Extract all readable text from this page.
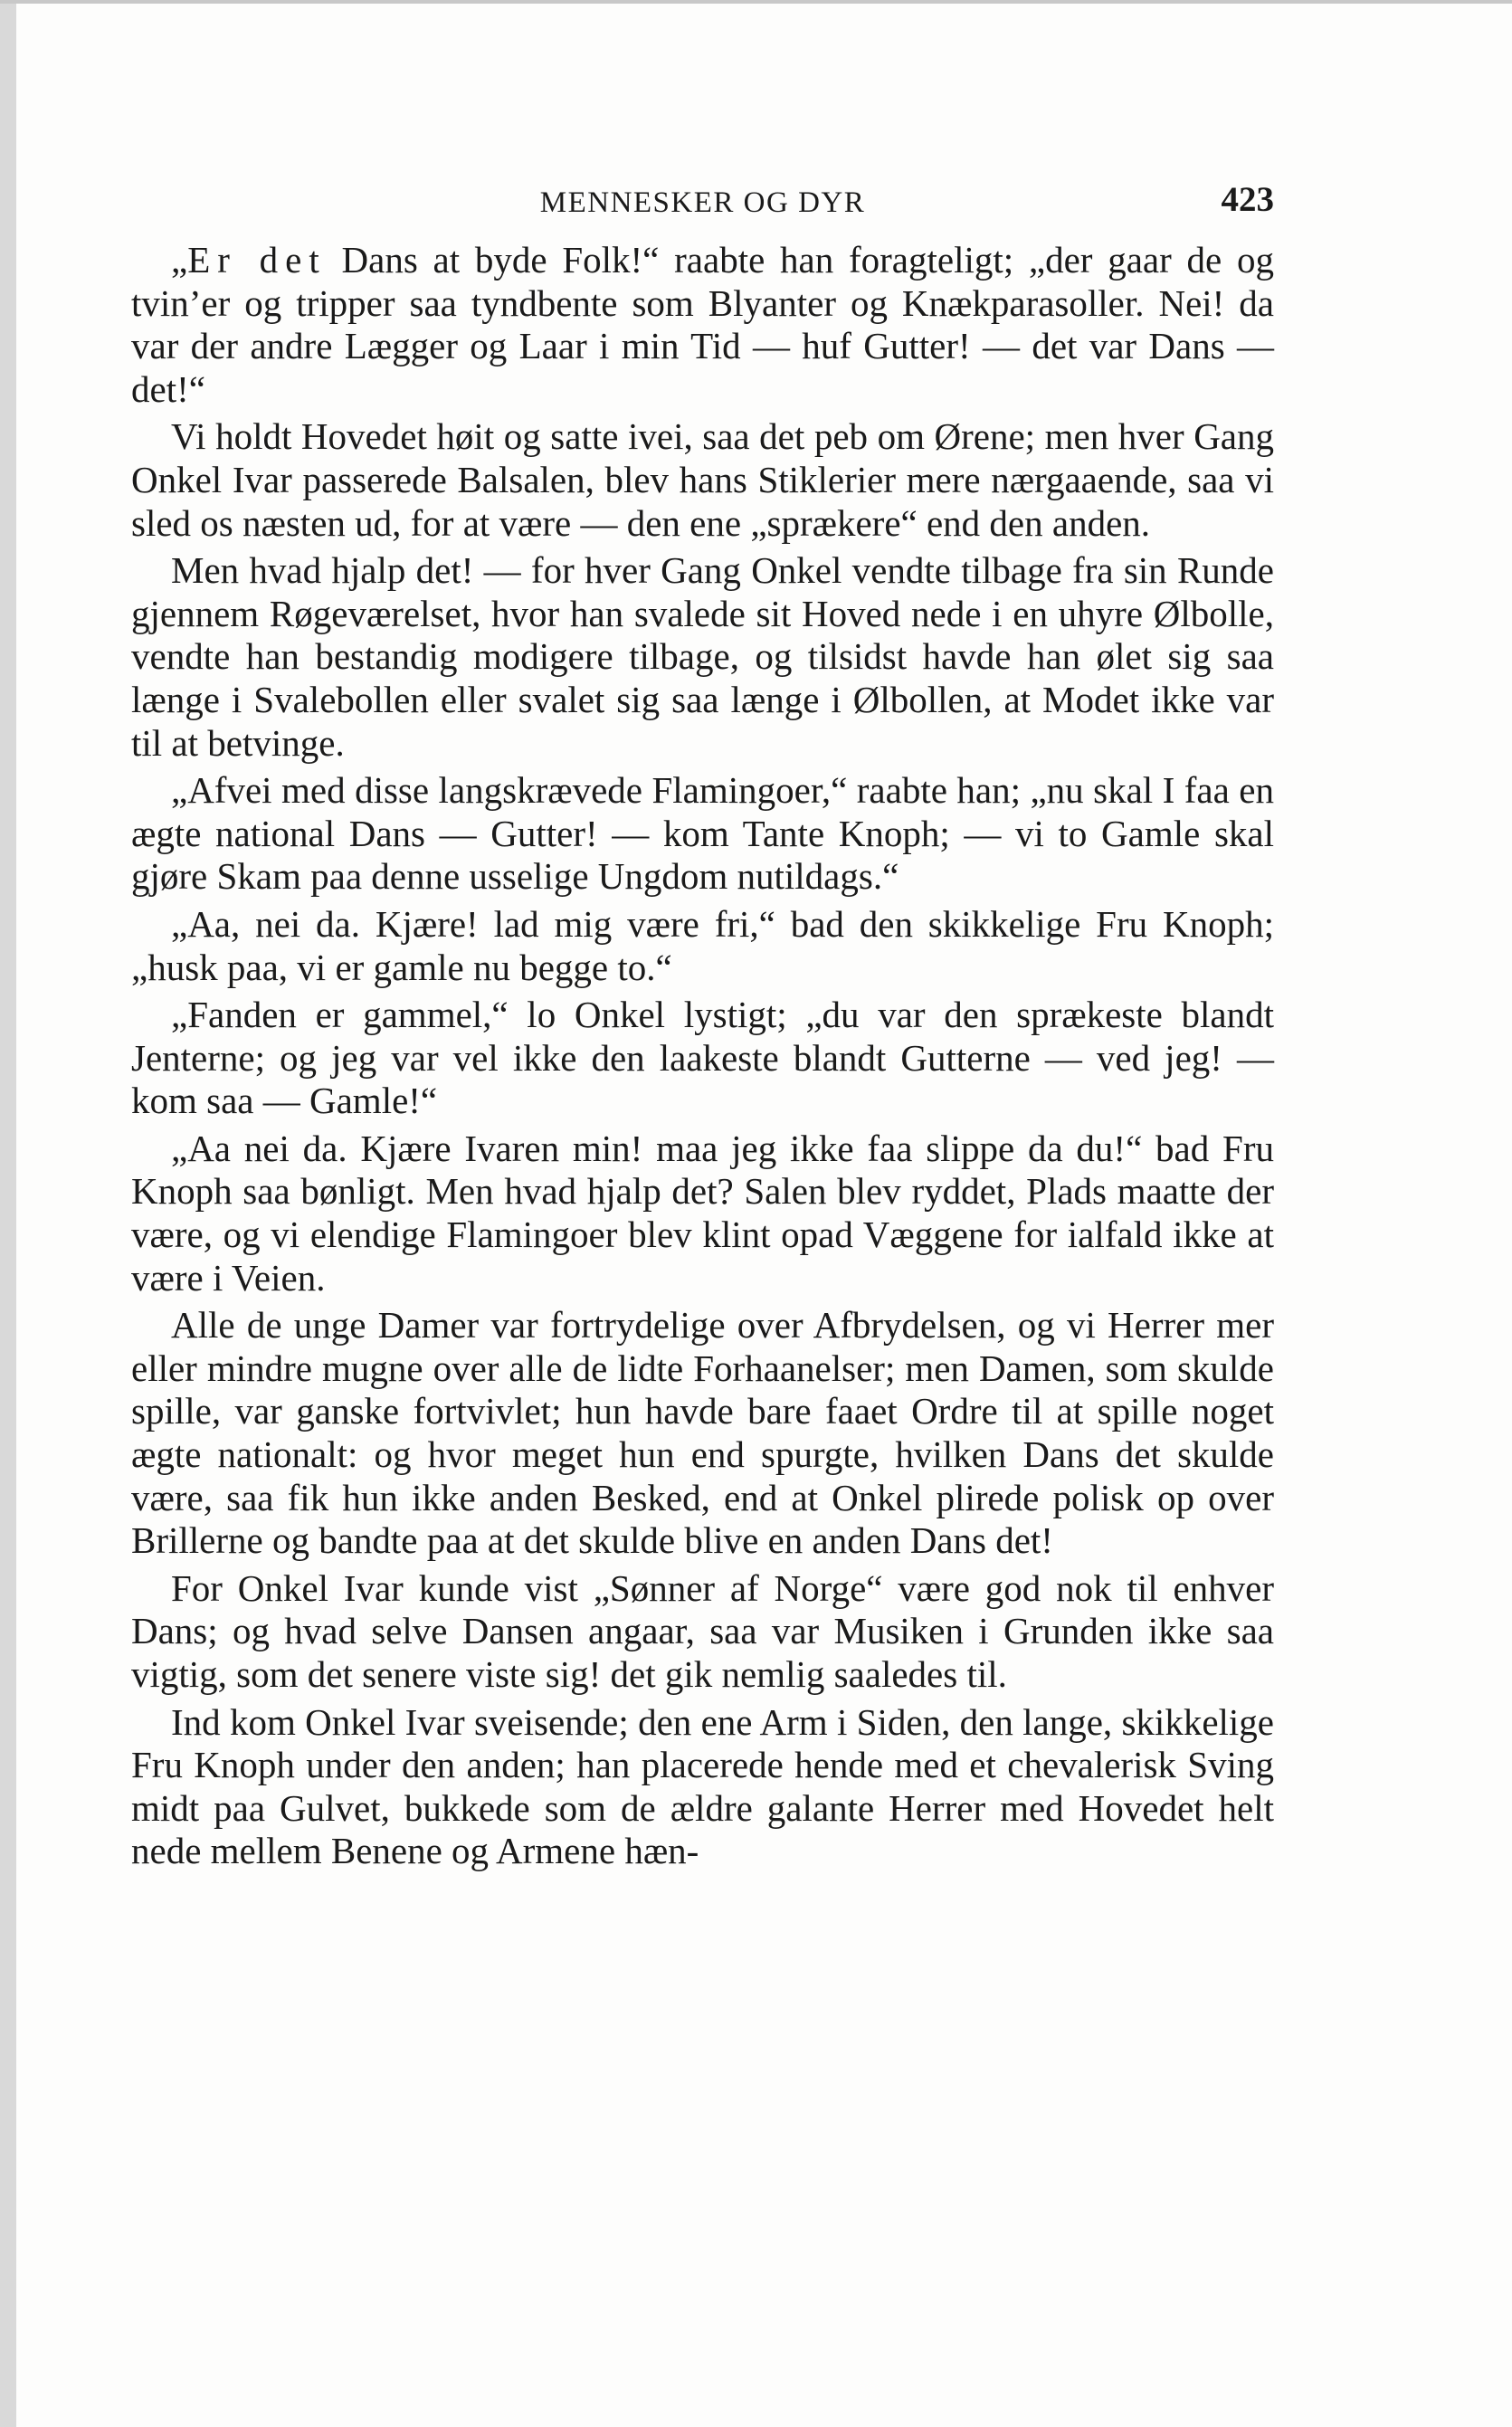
MENNESKER OG DYR	423

„Er det Dans at byde Folk!“ raabte han foragteligt; „der gaar de og tvin’er og tripper saa tyndbente som Blyanter og Knækparasoller. Nei! da var der andre Lægger og Laar i min Tid — huf Gutter! — det var Dans — det!“

Vi holdt Hovedet høit og satte ivei, saa det peb om Ørene; men hver Gang Onkel Ivar passerede Balsalen, blev hans Stiklerier mere nærgaaende, saa vi sled os næsten ud, for at være — den ene „sprækere“ end den anden.

Men hvad hjalp det! — for hver Gang Onkel vendte tilbage fra sin Runde gjennem Røgeværelset, hvor han svalede sit Hoved nede i en uhyre Ølbolle, vendte han bestandig modigere tilbage, og tilsidst havde han ølet sig saa længe i Svalebollen eller svalet sig saa længe i Ølbollen, at Modet ikke var til at betvinge.

„Afvei med disse langskrævede Flamingoer,“ raabte han; „nu skal I faa en ægte national Dans — Gutter! — kom Tante Knoph; — vi to Gamle skal gjøre Skam paa denne usselige Ungdom nutildags.“

„Aa, nei da. Kjære! lad mig være fri,“ bad den skikkelige Fru Knoph; „husk paa, vi er gamle nu begge to.“

„Fanden er gammel,“ lo Onkel lystigt; „du var den sprækeste blandt Jenterne; og jeg var vel ikke den laakeste blandt Gutterne — ved jeg! — kom saa — Gamle!“

„Aa nei da. Kjære Ivaren min! maa jeg ikke faa slippe da du!“ bad Fru Knoph saa bønligt. Men hvad hjalp det? Salen blev ryddet, Plads maatte der være, og vi elendige Flamingoer blev klint opad Væggene for ialfald ikke at være i Veien.

Alle de unge Damer var fortrydelige over Afbrydelsen, og vi Herrer mer eller mindre mugne over alle de lidte Forhaanelser; men Damen, som skulde spille, var ganske fortvivlet; hun havde bare faaet Ordre til at spille noget ægte nationalt: og hvor meget hun end spurgte, hvilken Dans det skulde være, saa fik hun ikke anden Besked, end at Onkel plirede polisk op over Brillerne og bandte paa at det skulde blive en anden Dans det!

For Onkel Ivar kunde vist „Sønner af Norge“ være god nok til enhver Dans; og hvad selve Dansen angaar, saa var Musiken i Grunden ikke saa vigtig, som det senere viste sig! det gik nemlig saaledes til.

Ind kom Onkel Ivar sveisende; den ene Arm i Siden, den lange, skikkelige Fru Knoph under den anden; han placerede hende med et chevalerisk Sving midt paa Gulvet, bukkede som de ældre galante Herrer med Hovedet helt nede mellem Benene og Armene hæn-
